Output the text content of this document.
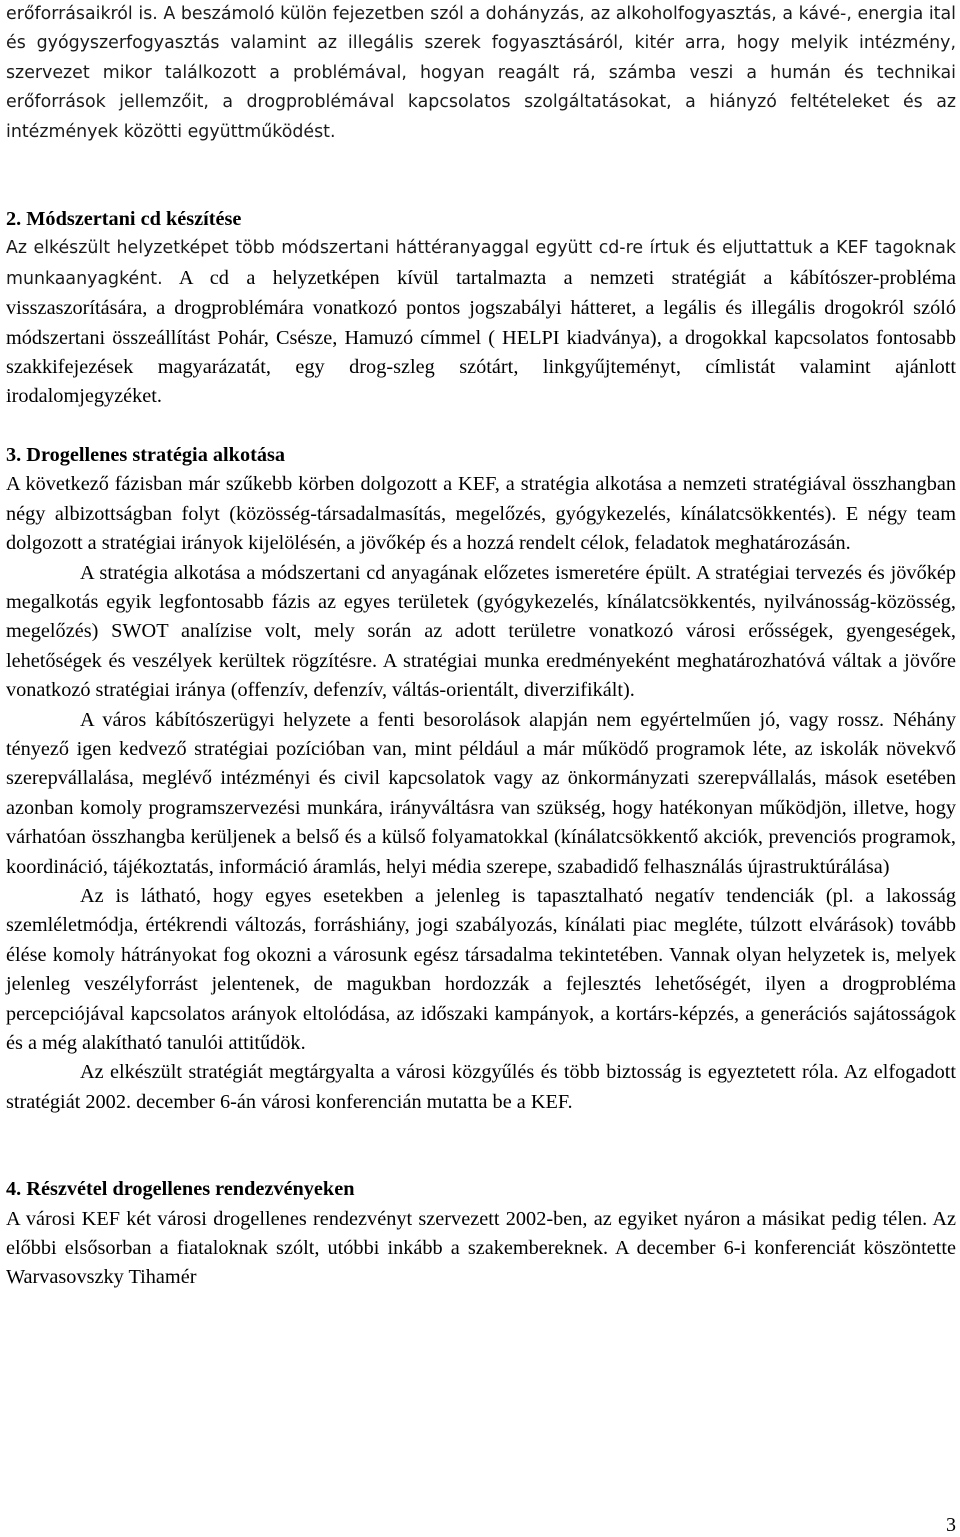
erőforrásaikról is. A beszámoló külön fejezetben szól a dohányzás, az alkoholfogyasztás, a kávé-, energia ital és gyógyszerfogyasztás valamint az illegális szerek fogyasztásáról, kitér arra, hogy melyik intézmény, szervezet mikor találkozott a problémával, hogyan reagált rá, számba veszi a humán és technikai erőforrások jellemzőit, a drogproblémával kapcsolatos szolgáltatásokat, a hiányzó feltételeket és az intézmények közötti együttműködést.

2. Módszertani cd készítése

Az elkészült helyzetképet több módszertani háttéranyaggal együtt cd-re írtuk és eljuttattuk a KEF tagoknak munkaanyagként. A cd a helyzetképen kívül tartalmazta a nemzeti stratégiát a kábítószer-probléma visszaszorítására, a drogproblémára vonatkozó pontos jogszabályi hátteret, a legális és illegális drogokról szóló módszertani összeállítást Pohár, Csésze, Hamuzó címmel ( HELPI kiadványa), a drogokkal kapcsolatos fontosabb szakkifejezések magyarázatát, egy drog-szleg szótárt, linkgyűjteményt, címlistát valamint ajánlott irodalomjegyzéket.

3. Drogellenes stratégia alkotása

A következő fázisban már szűkebb körben dolgozott a KEF, a stratégia alkotása a nemzeti stratégiával összhangban négy albizottságban folyt (közösség-társadalmasítás, megelőzés, gyógykezelés, kínálatcsökkentés). E négy team dolgozott a stratégiai irányok kijelölésén, a jövőkép és a hozzá rendelt célok, feladatok meghatározásán.

A stratégia alkotása a módszertani cd anyagának előzetes ismeretére épült. A stratégiai tervezés és jövőkép megalkotás egyik legfontosabb fázis az egyes területek (gyógykezelés, kínálatcsökkentés, nyilvánosság-közösség, megelőzés) SWOT analízise volt, mely során az adott területre vonatkozó városi erősségek, gyengeségek, lehetőségek és veszélyek kerültek rögzítésre. A stratégiai munka eredményeként meghatározhatóvá váltak a jövőre vonatkozó stratégiai iránya (offenzív, defenzív, váltás-orientált, diverzifikált).

A város kábítószerügyi helyzete a fenti besorolások alapján nem egyértelműen jó, vagy rossz. Néhány tényező igen kedvező stratégiai pozícióban van, mint például a már működő programok léte, az iskolák növekvő szerepvállalása, meglévő intézményi és civil kapcsolatok vagy az önkormányzati szerepvállalás, mások esetében azonban komoly programszervezési munkára, irányváltásra van szükség, hogy hatékonyan működjön, illetve, hogy várhatóan összhangba kerüljenek a belső és a külső folyamatokkal (kínálatcsökkentő akciók, prevenciós programok, koordináció, tájékoztatás, információ áramlás, helyi média szerepe, szabadidő felhasználás újrastruktúrálása)

Az is látható, hogy egyes esetekben a jelenleg is tapasztalható negatív tendenciák (pl. a lakosság szemléletmódja, értékrendi változás, forráshiány, jogi szabályozás, kínálati piac megléte, túlzott elvárások) tovább élése komoly hátrányokat fog okozni a városunk egész társadalma tekintetében. Vannak olyan helyzetek is, melyek jelenleg veszélyforrást jelentenek, de magukban hordozzák a fejlesztés lehetőségét, ilyen a drogprobléma percepciójával kapcsolatos arányok eltolódása, az időszaki kampányok, a kortárs-képzés, a generációs sajátosságok és a még alakítható tanulói attitűdök.

Az elkészült stratégiát megtárgyalta a városi közgyűlés és több biztosság is egyeztetett róla. Az elfogadott stratégiát 2002. december 6-án városi konferencián mutatta be a KEF.

4. Részvétel drogellenes rendezvényeken

A városi KEF két városi drogellenes rendezvényt szervezett 2002-ben, az egyiket nyáron a másikat pedig télen. Az előbbi elsősorban a fiataloknak szólt, utóbbi inkább a szakembereknek. A december 6-i konferenciát köszöntette Warvasovszky Tihamér

3
